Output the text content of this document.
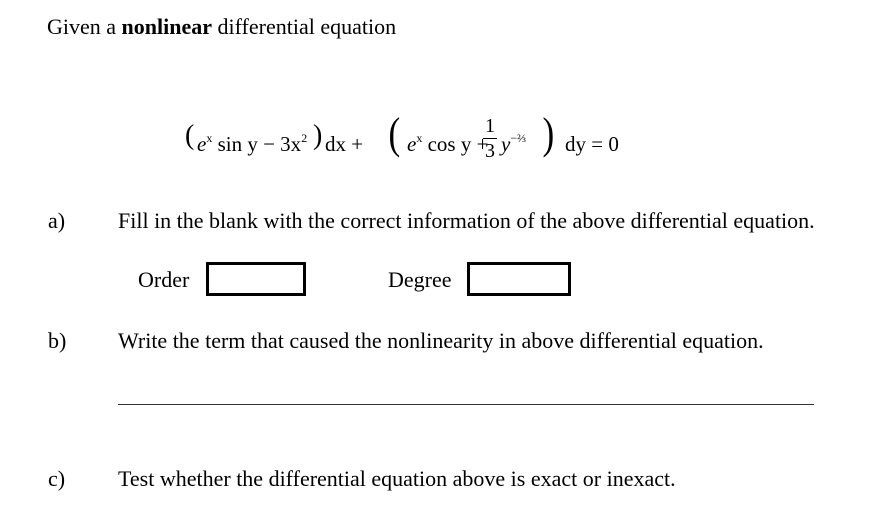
Given a nonlinear differential equation
( $e^x$ $\sin y - 3x^2$ ) dx + ( $e^x$ cos y +
1
3 $y^{-\frac{2}{3}}$ ) dy = 0
a) Fill in the blank with the correct information of the above differential equation.
Order	Degree
b) Write the term that caused the nonlinearity in above differential equation.
c) Test whether the differential equation above is exact or inexact.
